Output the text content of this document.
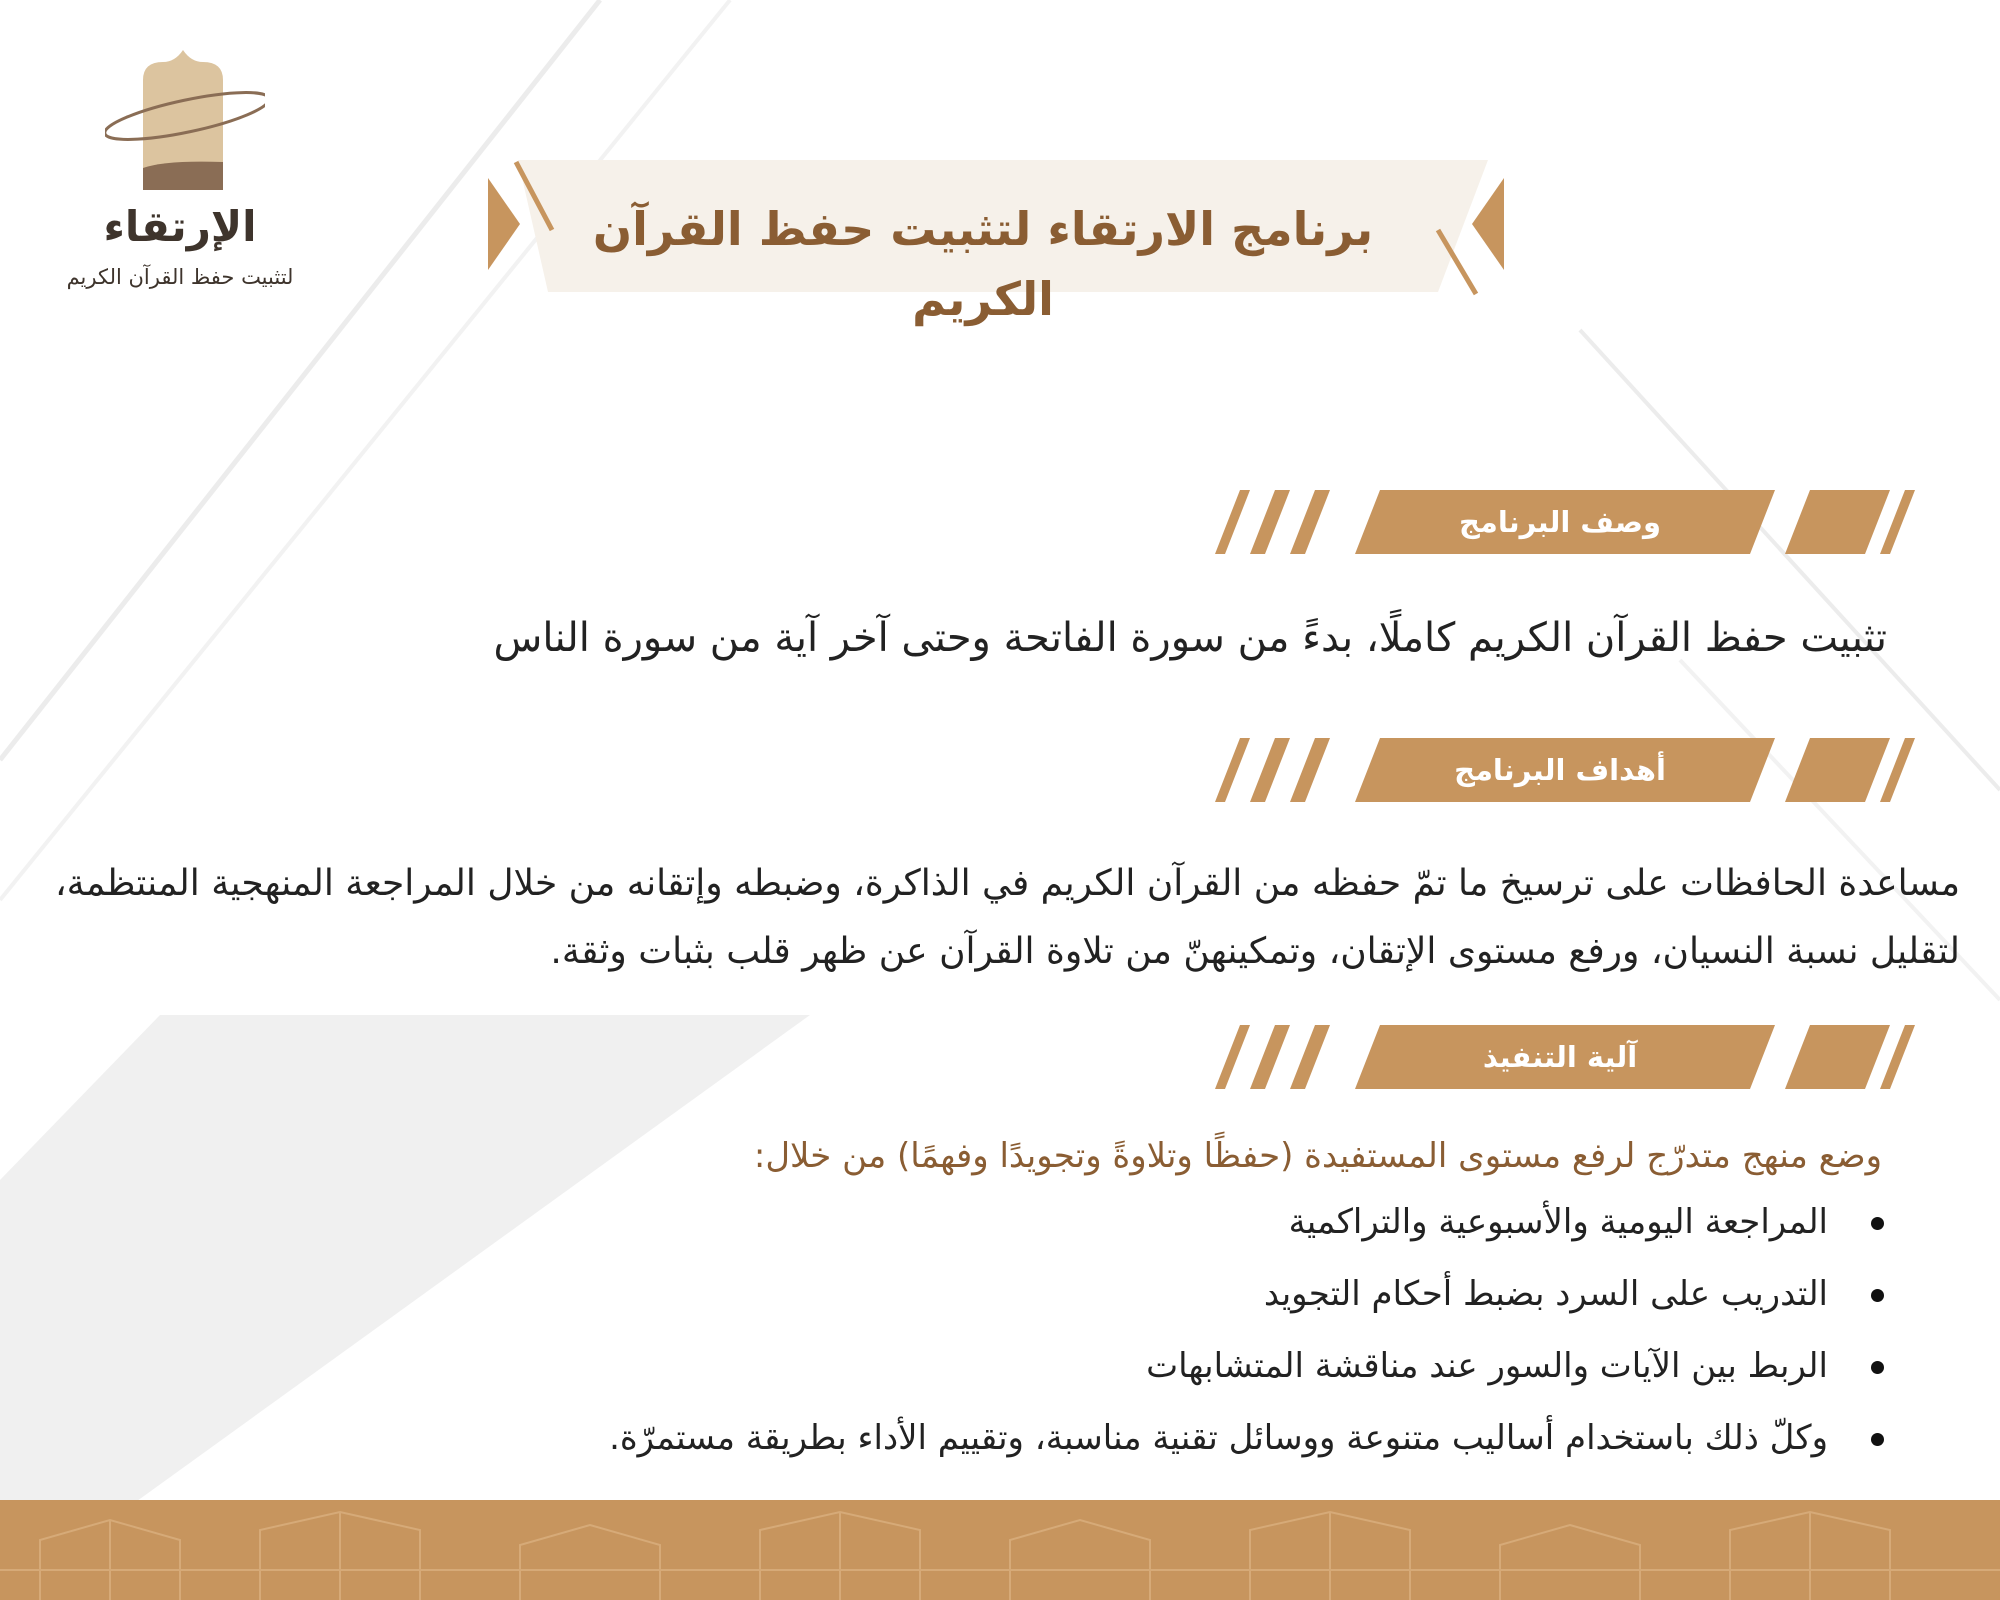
الإرتقاء
لتثبيت حفظ القرآن الكريم
برنامج الارتقاء لتثبيت حفظ القرآن الكريم
وصف البرنامج
تثبيت حفظ القرآن الكريم كاملًا، بدءً من سورة الفاتحة وحتى آخر آية من سورة الناس
أهداف البرنامج
مساعدة الحافظات على ترسيخ ما تمّ حفظه من القرآن الكريم في الذاكرة، وضبطه وإتقانه من خلال المراجعة المنهجية المنتظمة، لتقليل نسبة النسيان، ورفع مستوى الإتقان، وتمكينهنّ من تلاوة القرآن عن ظهر قلب بثبات وثقة.
آلية التنفيذ
وضع منهج متدرّج لرفع مستوى المستفيدة (حفظًا وتلاوةً وتجويدًا وفهمًا) من خلال:
المراجعة اليومية والأسبوعية والتراكمية
التدريب على السرد بضبط أحكام التجويد
الربط بين الآيات والسور عند مناقشة المتشابهات
وكلّ ذلك باستخدام أساليب متنوعة ووسائل تقنية مناسبة، وتقييم الأداء بطريقة مستمرّة.
